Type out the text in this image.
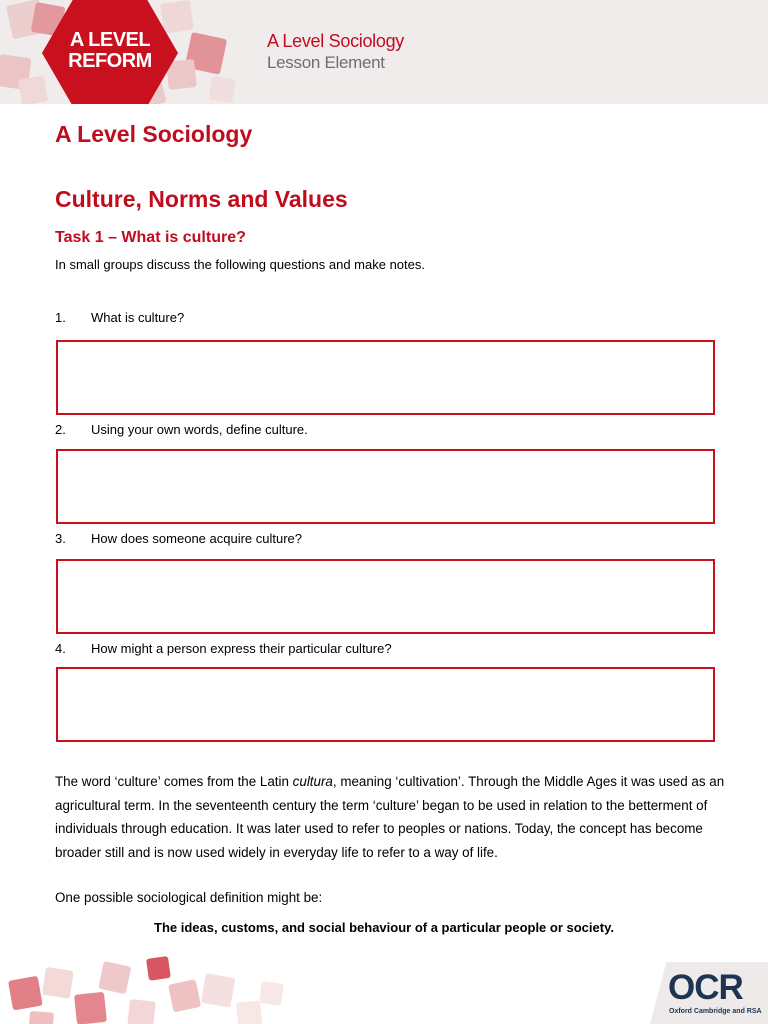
A LEVEL
REFORM
A Level Sociology
Lesson Element
A Level Sociology
Culture, Norms and Values
Task 1 – What is culture?
In small groups discuss the following questions and make notes.
1. What is culture?
2. Using your own words, define culture.
3. How does someone acquire culture?
4. How might a person express their particular culture?
The word ‘culture’ comes from the Latin cultura, meaning ‘cultivation’. Through the Middle Ages it was used as an agricultural term. In the seventeenth century the term ‘culture’ began to be used in relation to the betterment of individuals through education. It was later used to refer to peoples or nations. Today, the concept has become broader still and is now used widely in everyday life to refer to a way of life.
One possible sociological definition might be:
The ideas, customs, and social behaviour of a particular people or society.
OCR
Oxford Cambridge and RSA
